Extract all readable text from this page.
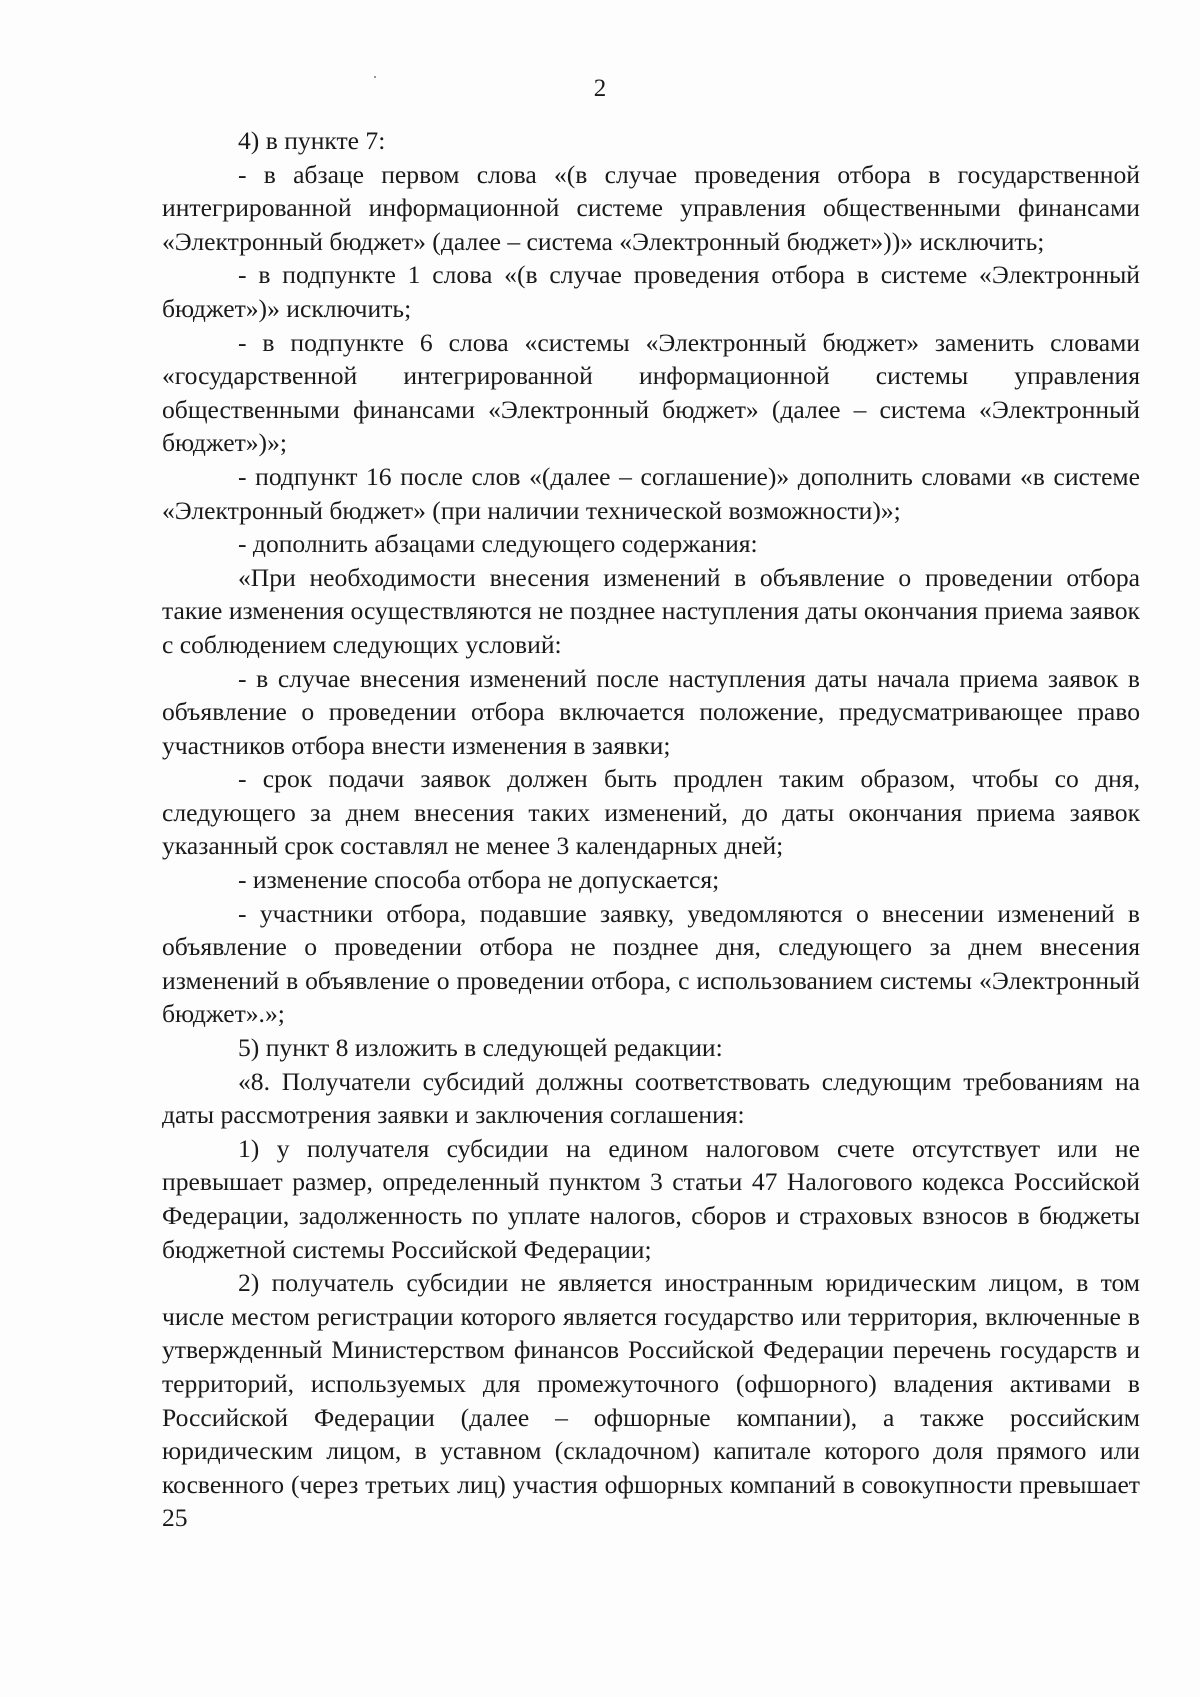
2

4) в пункте 7:

- в абзаце первом слова «(в случае проведения отбора в государственной интегрированной информационной системе управления общественными финансами «Электронный бюджет» (далее – система «Электронный бюджет»))» исключить;

- в подпункте 1 слова «(в случае проведения отбора в системе «Электронный бюджет»)» исключить;

- в подпункте 6 слова «системы «Электронный бюджет» заменить словами «государственной интегрированной информационной системы управления общественными финансами «Электронный бюджет» (далее – система «Электронный бюджет»)»;

- подпункт 16 после слов «(далее – соглашение)» дополнить словами «в системе «Электронный бюджет» (при наличии технической возможности)»;

- дополнить абзацами следующего содержания:

«При необходимости внесения изменений в объявление о проведении отбора такие изменения осуществляются не позднее наступления даты окончания приема заявок с соблюдением следующих условий:

- в случае внесения изменений после наступления даты начала приема заявок в объявление о проведении отбора включается положение, предусматривающее право участников отбора внести изменения в заявки;

- срок подачи заявок должен быть продлен таким образом, чтобы со дня, следующего за днем внесения таких изменений, до даты окончания приема заявок указанный срок составлял не менее 3 календарных дней;

- изменение способа отбора не допускается;

- участники отбора, подавшие заявку, уведомляются о внесении изменений в объявление о проведении отбора не позднее дня, следующего за днем внесения изменений в объявление о проведении отбора, с использованием системы «Электронный бюджет».»;

5) пункт 8 изложить в следующей редакции:

«8. Получатели субсидий должны соответствовать следующим требованиям на даты рассмотрения заявки и заключения соглашения:

1) у получателя субсидии на едином налоговом счете отсутствует или не превышает размер, определенный пунктом 3 статьи 47 Налогового кодекса Российской Федерации, задолженность по уплате налогов, сборов и страховых взносов в бюджеты бюджетной системы Российской Федерации;

2) получатель субсидии не является иностранным юридическим лицом, в том числе местом регистрации которого является государство или территория, включенные в утвержденный Министерством финансов Российской Федерации перечень государств и территорий, используемых для промежуточного (офшорного) владения активами в Российской Федерации (далее – офшорные компании), а также российским юридическим лицом, в уставном (складочном) капитале которого доля прямого или косвенного (через третьих лиц) участия офшорных компаний в совокупности превышает 25
